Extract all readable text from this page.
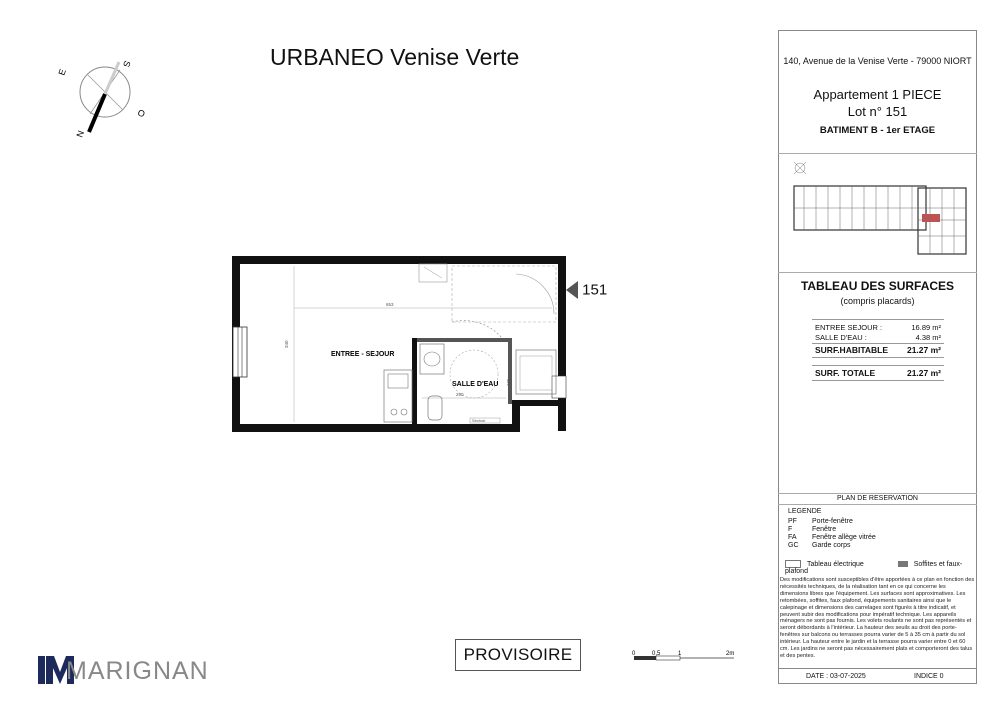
URBANEO Venise Verte
N
S
E
O
653
340
ENTREE - SEJOUR
SALLE D'EAU
290
165
Séchoir
151
MARIGNAN
PROVISOIRE	0	0,5	1	2m
140, Avenue de la Venise Verte - 79000 NIORT
Appartement 1 PIECE
Lot n° 151
BATIMENT B - 1er ETAGE
TABLEAU DES SURFACES
(compris placards)
ENTREE SEJOUR :	16.89 m²
SALLE D'EAU :	4.38 m²
SURF.HABITABLE 21.27 m²
SURF. TOTALE	21.27 m²
PLAN DE RESERVATION
LEGENDE
PF Porte-fenêtre
F	Fenêtre
FA Fenêtre allège vitrée
GC Garde corps
Tableau électrique	Soffites et faux-plafond
Des modifications sont susceptibles d'être apportées à ce plan en fonction des nécessités techniques, de la réalisation tant en ce qui concerne les dimensions libres que l'équipement. Les surfaces sont approximatives. Les retombées, soffites, faux plafond, équipements sanitaires ainsi que le calepinage et dimensions des carrelages sont figurés à titre indicatif, et peuvent subir des modifications pour impératif technique. Les appareils ménagers ne sont pas fournis. Les volets roulants ne sont pas représentés et seront débordants à l'intérieur. La hauteur des seuils au droit des porte-fenêtres sur balcons ou terrasses pourra varier de 5 à 35 cm à partir du sol intérieur. La hauteur entre le jardin et la terrasse pourra varier entre 0 et 60 cm. Les jardins ne seront pas nécessairement plats et comporteront des talus et des pentes.
DATE : 03-07-2025	INDICE 0
